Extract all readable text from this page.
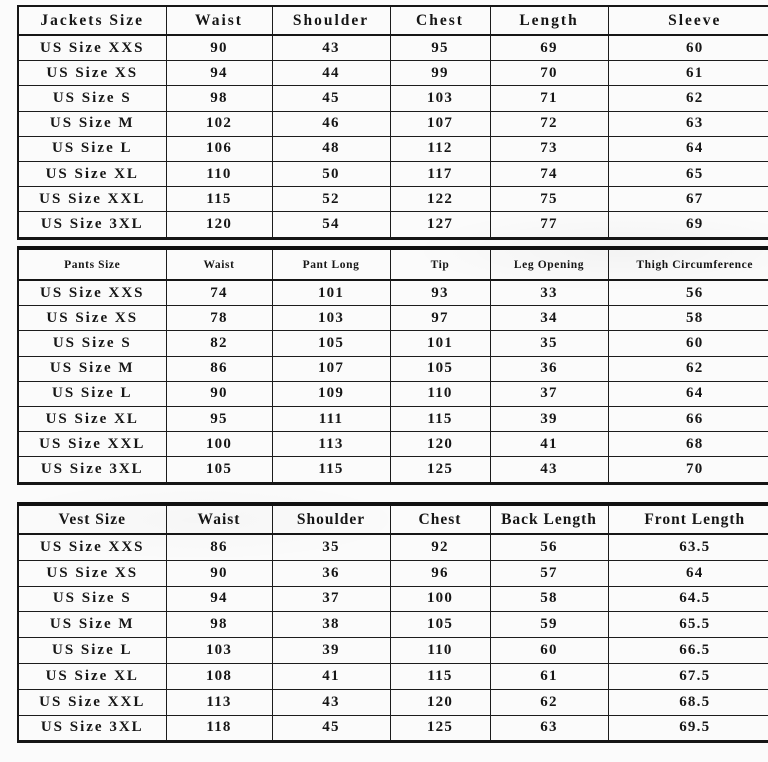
Jackets Size	Waist	Shoulder	Chest	Length	Sleeve
US Size XXS	90	43	95	69	60
US Size XS	94	44	99	70	61
US Size S	98	45	103	71	62
US Size M	102	46	107	72	63
US Size L	106	48	112	73	64
US Size XL	110	50	117	74	65
US Size XXL	115	52	122	75	67
US Size 3XL	120	54	127	77	69
Pants Size	Waist	Pant Long	Tip	Leg Opening	Thigh Circumference
US Size XXS	74	101	93	33	56
US Size XS	78	103	97	34	58
US Size S	82	105	101	35	60
US Size M	86	107	105	36	62
US Size L	90	109	110	37	64
US Size XL	95	111	115	39	66
US Size XXL	100	113	120	41	68
US Size 3XL	105	115	125	43	70
Vest Size	Waist	Shoulder	Chest	Back Length	Front Length
US Size XXS	86	35	92	56	63.5
US Size XS	90	36	96	57	64
US Size S	94	37	100	58	64.5
US Size M	98	38	105	59	65.5
US Size L	103	39	110	60	66.5
US Size XL	108	41	115	61	67.5
US Size XXL	113	43	120	62	68.5
US Size 3XL	118	45	125	63	69.5
